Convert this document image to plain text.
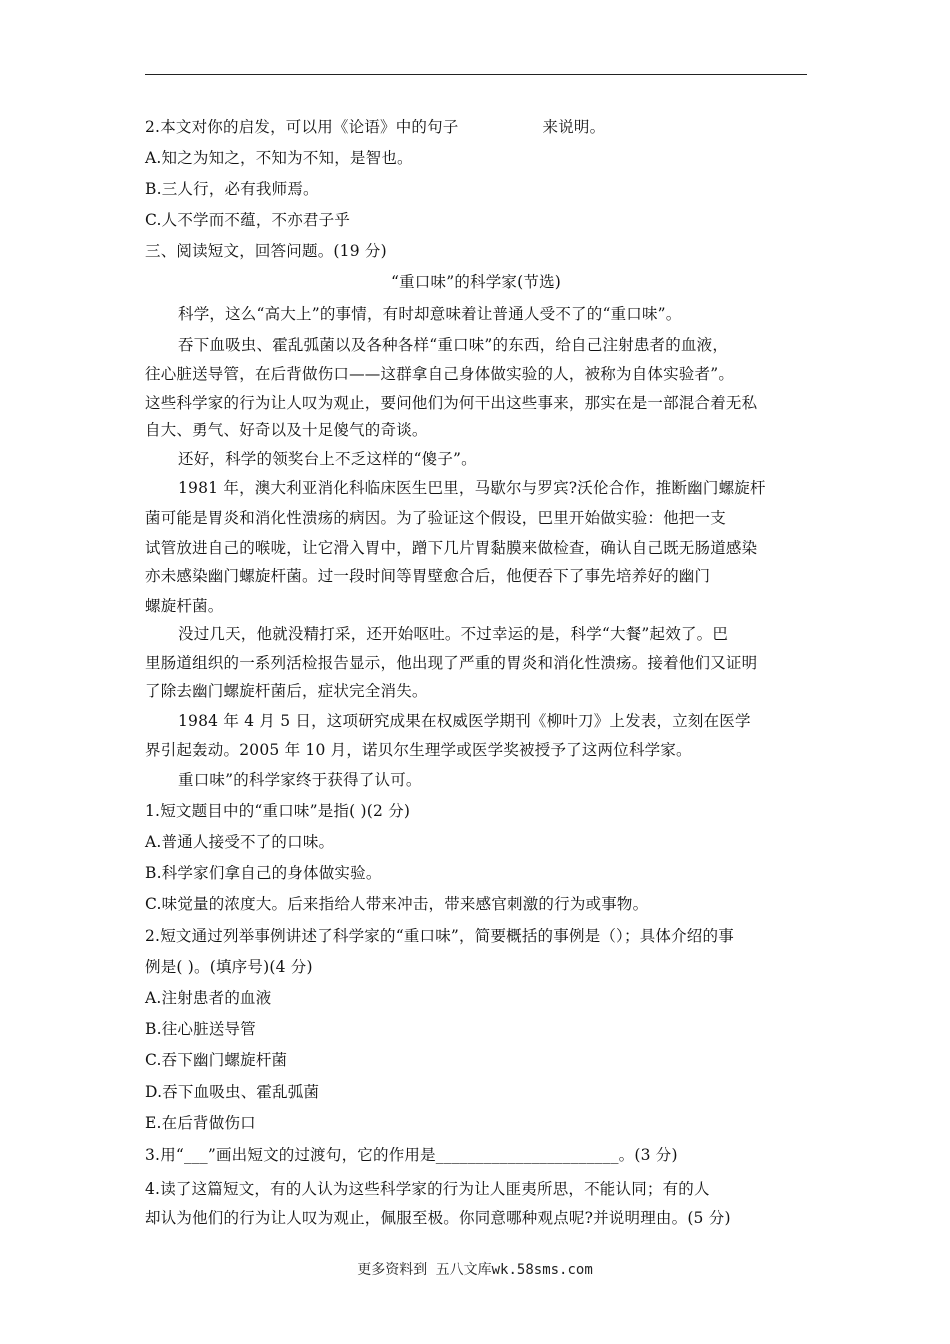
2.本文对你的启发，可以用《论语》中的句子	来说明。
A.知之为知之，不知为不知，是智也。
B.三人行，必有我师焉。
C.人不学而不蕴，不亦君子乎
三、阅读短文，回答问题。(19 分)
“重口味”的科学家(节选)
科学，这么“高大上”的事情，有时却意味着让普通人受不了的“重口味”。
吞下血吸虫、霍乱弧菌以及各种各样“重口味”的东西，给自己注射患者的血液，
往心脏送导管，在后背做伤口——这群拿自己身体做实验的人，被称为自体实验者”。
这些科学家的行为让人叹为观止，要问他们为何干出这些事来，那实在是一部混合着无私
自大、勇气、好奇以及十足傻气的奇谈。
还好，科学的领奖台上不乏这样的“傻子”。
1981 年，澳大利亚消化科临床医生巴里，马歇尔与罗宾?沃伦合作，推断幽门螺旋杆
菌可能是胃炎和消化性溃疡的病因。为了验证这个假设，巴里开始做实验：他把一支
试管放进自己的喉咙，让它滑入胃中，蹭下几片胃黏膜来做检查，确认自己既无肠道感染
亦未感染幽门螺旋杆菌。过一段时间等胃壁愈合后，他便吞下了事先培养好的幽门
螺旋杆菌。
没过几天，他就没精打采，还开始呕吐。不过幸运的是，科学“大餐”起效了。巴
里肠道组织的一系列活检报告显示，他出现了严重的胃炎和消化性溃疡。接着他们又证明
了除去幽门螺旋杆菌后，症状完全消失。
1984 年 4 月 5 日，这项研究成果在权威医学期刊《柳叶刀》上发表，立刻在医学
界引起轰动。2005 年 10 月，诺贝尔生理学或医学奖被授予了这两位科学家。
重口味”的科学家终于获得了认可。
1.短文题目中的“重口味”是指( )(2 分)
A.普通人接受不了的口味。
B.科学家们拿自己的身体做实验。
C.味觉量的浓度大。后来指给人带来冲击，带来感官刺激的行为或事物。
2.短文通过列举事例讲述了科学家的“重口味”，简要概括的事例是（）；具体介绍的事
例是( )。(填序号)(4 分)
A.注射患者的血液
B.往心脏送导管
C.吞下幽门螺旋杆菌
D.吞下血吸虫、霍乱弧菌
E.在后背做伤口
3.用“___”画出短文的过渡句，它的作用是_______________________。(3 分)
4.读了这篇短文，有的人认为这些科学家的行为让人匪夷所思，不能认同；有的人
却认为他们的行为让人叹为观止，佩服至极。你同意哪种观点呢?并说明理由。(5 分)
更多资料到 五八文库wk.58sms.com
